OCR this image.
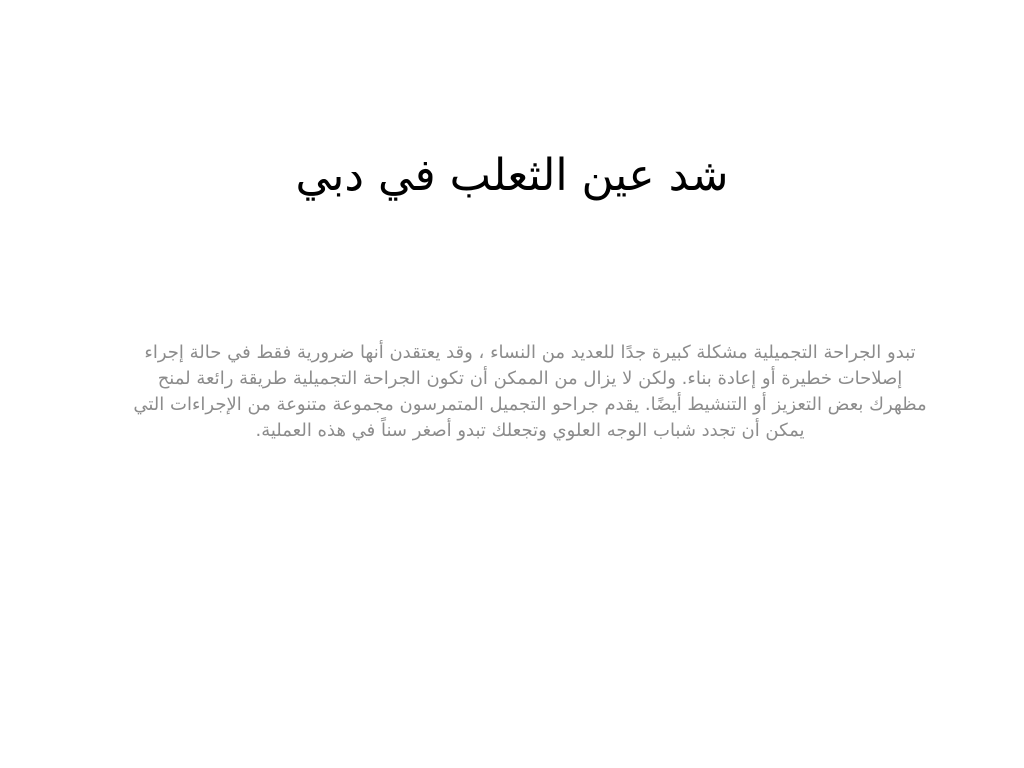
شد عين الثعلب في دبي

تبدو الجراحة التجميلية مشكلة كبيرة جدًا للعديد من النساء ، وقد يعتقدن أنها ضرورية فقط في حالة إجراء إصلاحات خطيرة أو إعادة بناء. ولكن لا يزال من الممكن أن تكون الجراحة التجميلية طريقة رائعة لمنح مظهرك بعض التعزيز أو التنشيط أيضًا. يقدم جراحو التجميل المتمرسون مجموعة متنوعة من الإجراءات التي يمكن أن تجدد شباب الوجه العلوي وتجعلك تبدو أصغر سناً في هذه العملية.
